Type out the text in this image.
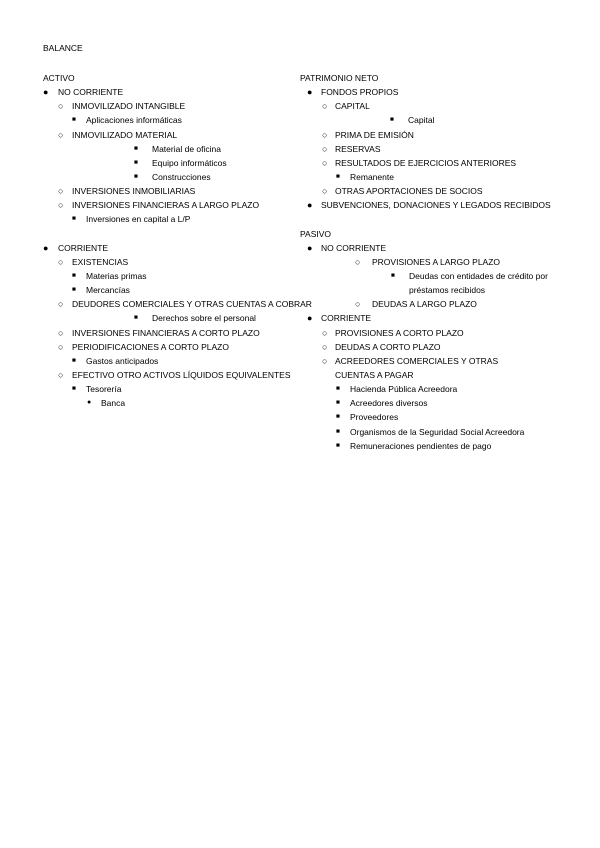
BALANCE
ACTIVO
● NO CORRIENTE
○ INMOVILIZADO INTANGIBLE
■ Aplicaciones informáticas
○ INMOVILIZADO MATERIAL
■ Material de oficina
■ Equipo informáticos
■ Construcciones
○ INVERSIONES INMOBILIARIAS
○ INVERSIONES FINANCIERAS A LARGO PLAZO
■ Inversiones en capital a L/P
● CORRIENTE
○ EXISTENCIAS
■ Materias primas
■ Mercancías
○ DEUDORES COMERCIALES Y OTRAS CUENTAS A COBRAR
■ Derechos sobre el personal
○ INVERSIONES FINANCIERAS A CORTO PLAZO
○ PERIODIFICACIONES A CORTO PLAZO
■ Gastos anticipados
○ EFECTIVO OTRO ACTIVOS LÍQUIDOS EQUIVALENTES
■ Tesorería
● Banca
PATRIMONIO NETO
● FONDOS PROPIOS
○ CAPITAL
■ Capital
○ PRIMA DE EMISIÓN
○ RESERVAS
○ RESULTADOS DE EJERCICIOS ANTERIORES
■ Remanente
○ OTRAS APORTACIONES DE SOCIOS
● SUBVENCIONES, DONACIONES Y LEGADOS RECIBIDOS
PASIVO
● NO CORRIENTE
○ PROVISIONES A LARGO PLAZO
■ Deudas con entidades de crédito por préstamos recibidos
○ DEUDAS A LARGO PLAZO
● CORRIENTE
○ PROVISIONES A CORTO PLAZO
○ DEUDAS A CORTO PLAZO
○ ACREEDORES COMERCIALES Y OTRAS CUENTAS A PAGAR
■ Hacienda Pública Acreedora
■ Acreedores diversos
■ Proveedores
■ Organismos de la Seguridad Social Acreedora
■ Remuneraciones pendientes de pago
